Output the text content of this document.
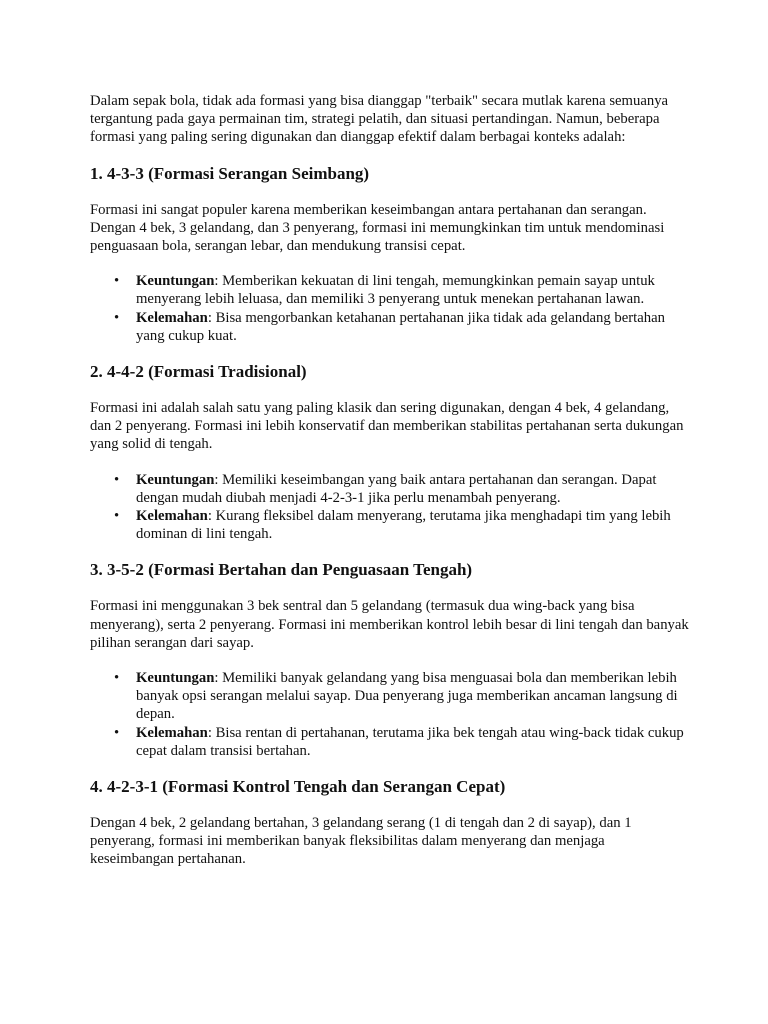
Dalam sepak bola, tidak ada formasi yang bisa dianggap "terbaik" secara mutlak karena semuanya tergantung pada gaya permainan tim, strategi pelatih, dan situasi pertandingan. Namun, beberapa formasi yang paling sering digunakan dan dianggap efektif dalam berbagai konteks adalah:

1. 4-3-3 (Formasi Serangan Seimbang)

Formasi ini sangat populer karena memberikan keseimbangan antara pertahanan dan serangan. Dengan 4 bek, 3 gelandang, dan 3 penyerang, formasi ini memungkinkan tim untuk mendominasi penguasaan bola, serangan lebar, dan mendukung transisi cepat.

• Keuntungan: Memberikan kekuatan di lini tengah, memungkinkan pemain sayap untuk menyerang lebih leluasa, dan memiliki 3 penyerang untuk menekan pertahanan lawan.
• Kelemahan: Bisa mengorbankan ketahanan pertahanan jika tidak ada gelandang bertahan yang cukup kuat.
2. 4-4-2 (Formasi Tradisional)

Formasi ini adalah salah satu yang paling klasik dan sering digunakan, dengan 4 bek, 4 gelandang, dan 2 penyerang. Formasi ini lebih konservatif dan memberikan stabilitas pertahanan serta dukungan yang solid di tengah.

• Keuntungan: Memiliki keseimbangan yang baik antara pertahanan dan serangan. Dapat dengan mudah diubah menjadi 4-2-3-1 jika perlu menambah penyerang.
• Kelemahan: Kurang fleksibel dalam menyerang, terutama jika menghadapi tim yang lebih dominan di lini tengah.
3. 3-5-2 (Formasi Bertahan dan Penguasaan Tengah)

Formasi ini menggunakan 3 bek sentral dan 5 gelandang (termasuk dua wing-back yang bisa menyerang), serta 2 penyerang. Formasi ini memberikan kontrol lebih besar di lini tengah dan banyak pilihan serangan dari sayap.

• Keuntungan: Memiliki banyak gelandang yang bisa menguasai bola dan memberikan lebih banyak opsi serangan melalui sayap. Dua penyerang juga memberikan ancaman langsung di depan.
• Kelemahan: Bisa rentan di pertahanan, terutama jika bek tengah atau wing-back tidak cukup cepat dalam transisi bertahan.
4. 4-2-3-1 (Formasi Kontrol Tengah dan Serangan Cepat)

Dengan 4 bek, 2 gelandang bertahan, 3 gelandang serang (1 di tengah dan 2 di sayap), dan 1 penyerang, formasi ini memberikan banyak fleksibilitas dalam menyerang dan menjaga keseimbangan pertahanan.
